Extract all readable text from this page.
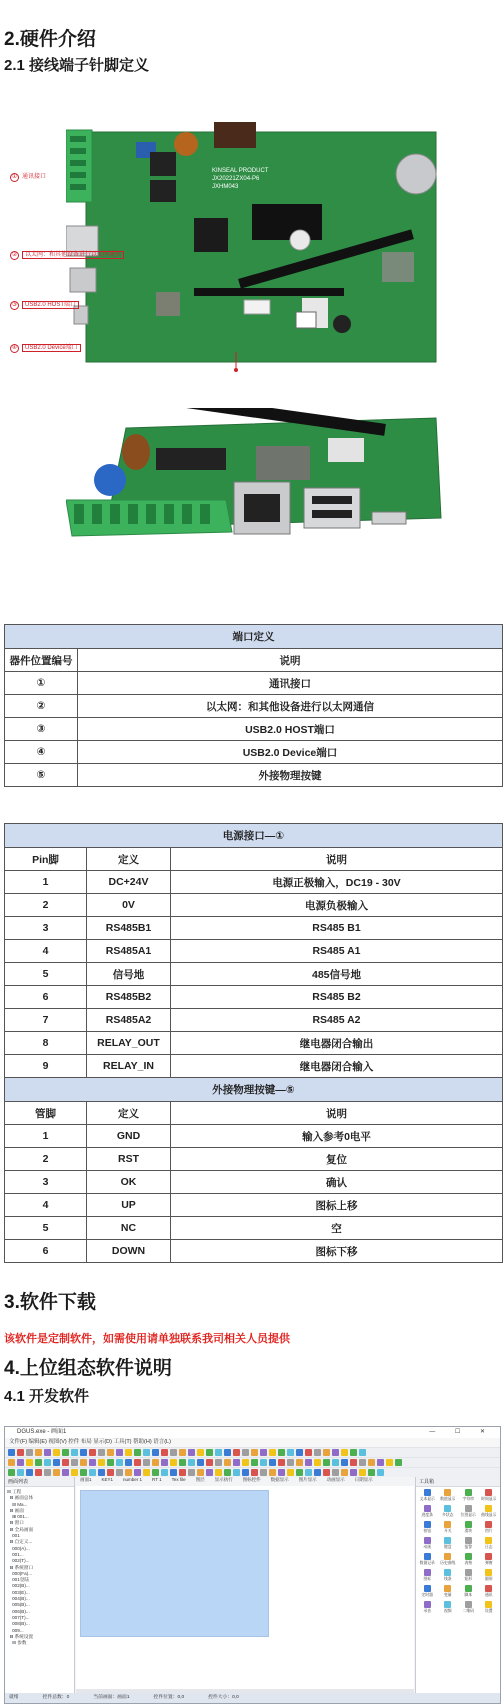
2.硬件介绍
2.1 接线端子针脚定义
KINSEAL PRODUCT
JX20221ZX04-P6
JXHM043
① 通讯接口
② 以太网：和其他设备进行以太网通信
③ USB2.0 HOST端口
④ USB2.0 Device端口
端口定义	
器件位置编号	说明
①	通讯接口
②	以太网：和其他设备进行以太网通信
③	USB2.0 HOST端口
④	USB2.0 Device端口
⑤	外接物理按键
电源接口—①		
Pin脚	定义	说明
1	DC+24V	电源正极输入，DC19 - 30V
2	0V	电源负极输入
3	RS485B1	RS485 B1
4	RS485A1	RS485 A1
5	信号地	485信号地
6	RS485B2	RS485 B2
7	RS485A2	RS485 A2
8	RELAY_OUT	继电器闭合输出
9	RELAY_IN	继电器闭合输入
外接物理按键—⑤		
管脚	定义	说明
1	GND	输入参考0电平
2	RST	复位
3	OK	确认
4	UP	图标上移
5	NC	空
6	DOWN	图标下移
3.软件下载
该软件是定制软件，如需使用请单独联系我司相关人员提供
4.上位组态软件说明
4.1 开发软件
DGUS.exe - 画面1	— ☐ ✕
文件(F) 编辑(E) 视图(V) 控件 布局 显示(D) 工具(T) 帮助(H) 语言(L)
画面1 KEY1 number 1 RT 1 Tex file 图层 显示执行 图标控件 数据显示 图片显示 动画显示 日期显示
画面列表
⊟ 工程
⊟ 画面总体
⊟ Ma...
⊟ 画面
⊞ 001...
⊟ 窗口
⊟ 全局画面
001
⊟ 自定义...
000(A)...
001...
002(T)...
⊟ 系统窗口
000(Fa)...
001登陆
002(B)...
003(E)...
004(B)...
005(B)...
006(B)...
007(T)...
008(B)...
009...
⊟ 系统设置
⊟ 参数
工具箱
文本显示	数值显示	字符串	时间显示
进度条	多状态	位图显示	曲线显示
按钮	开关	滑块	图片
动画	键盘	报警	日志
数据记录	历史曲线	表格	弹窗
图标	线条	矩形	圆形
定时器	变量	脚本	通讯
录音	视频	二维码	设置
就绪	控件总数：0	当前画面：画面1	控件位置：0,0	控件大小：0,0
